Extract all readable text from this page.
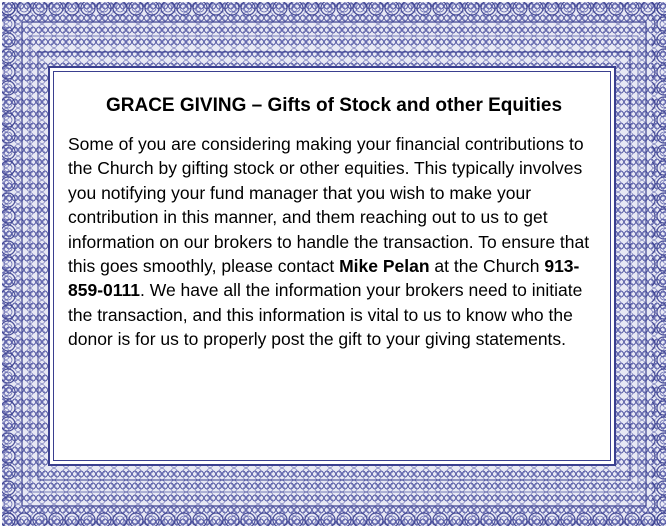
GRACE GIVING – Gifts of Stock and other Equities

Some of you are considering making your financial contributions to the Church by gifting stock or other equities. This typically involves you notifying your fund manager that you wish to make your contribution in this manner, and them reaching out to us to get information on our brokers to handle the transaction. To ensure that this goes smoothly, please contact Mike Pelan at the Church 913-859-0111. We have all the information your brokers need to initiate the transaction, and this information is vital to us to know who the donor is for us to properly post the gift to your giving statements.
